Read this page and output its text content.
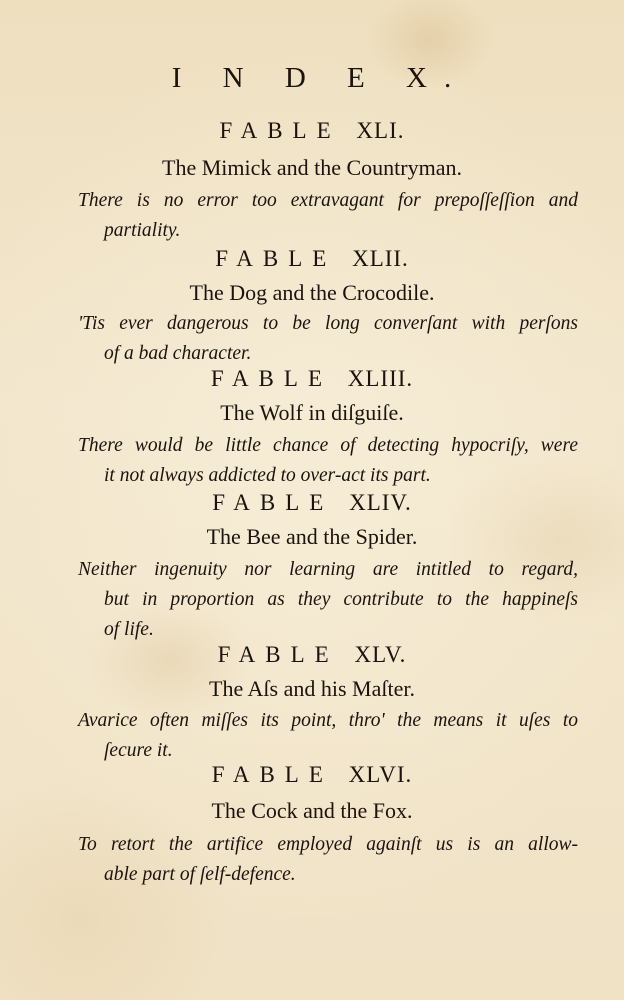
I N D E X.
FABLE XLI.
The Mimick and the Countryman.

There is no error too extravagant for prepoſſeſſion and
partiality.

FABLE XLII.
The Dog and the Crocodile.

'Tis ever dangerous to be long converſant with perſons
of a bad character.

FABLE XLIII.
The Wolf in diſguiſe.

There would be little chance of detecting hypocriſy, were
it not always addicted to over-act its part.

FABLE XLIV.
The Bee and the Spider.

Neither ingenuity nor learning are intitled to regard,
but in proportion as they contribute to the happineſs
of life.

FABLE XLV.
The Aſs and his Maſter.

Avarice often miſſes its point, thro' the means it uſes to
ſecure it.

FABLE XLVI.
The Cock and the Fox.

To retort the artifice employed againſt us is an allow-
able part of ſelf-defence.
